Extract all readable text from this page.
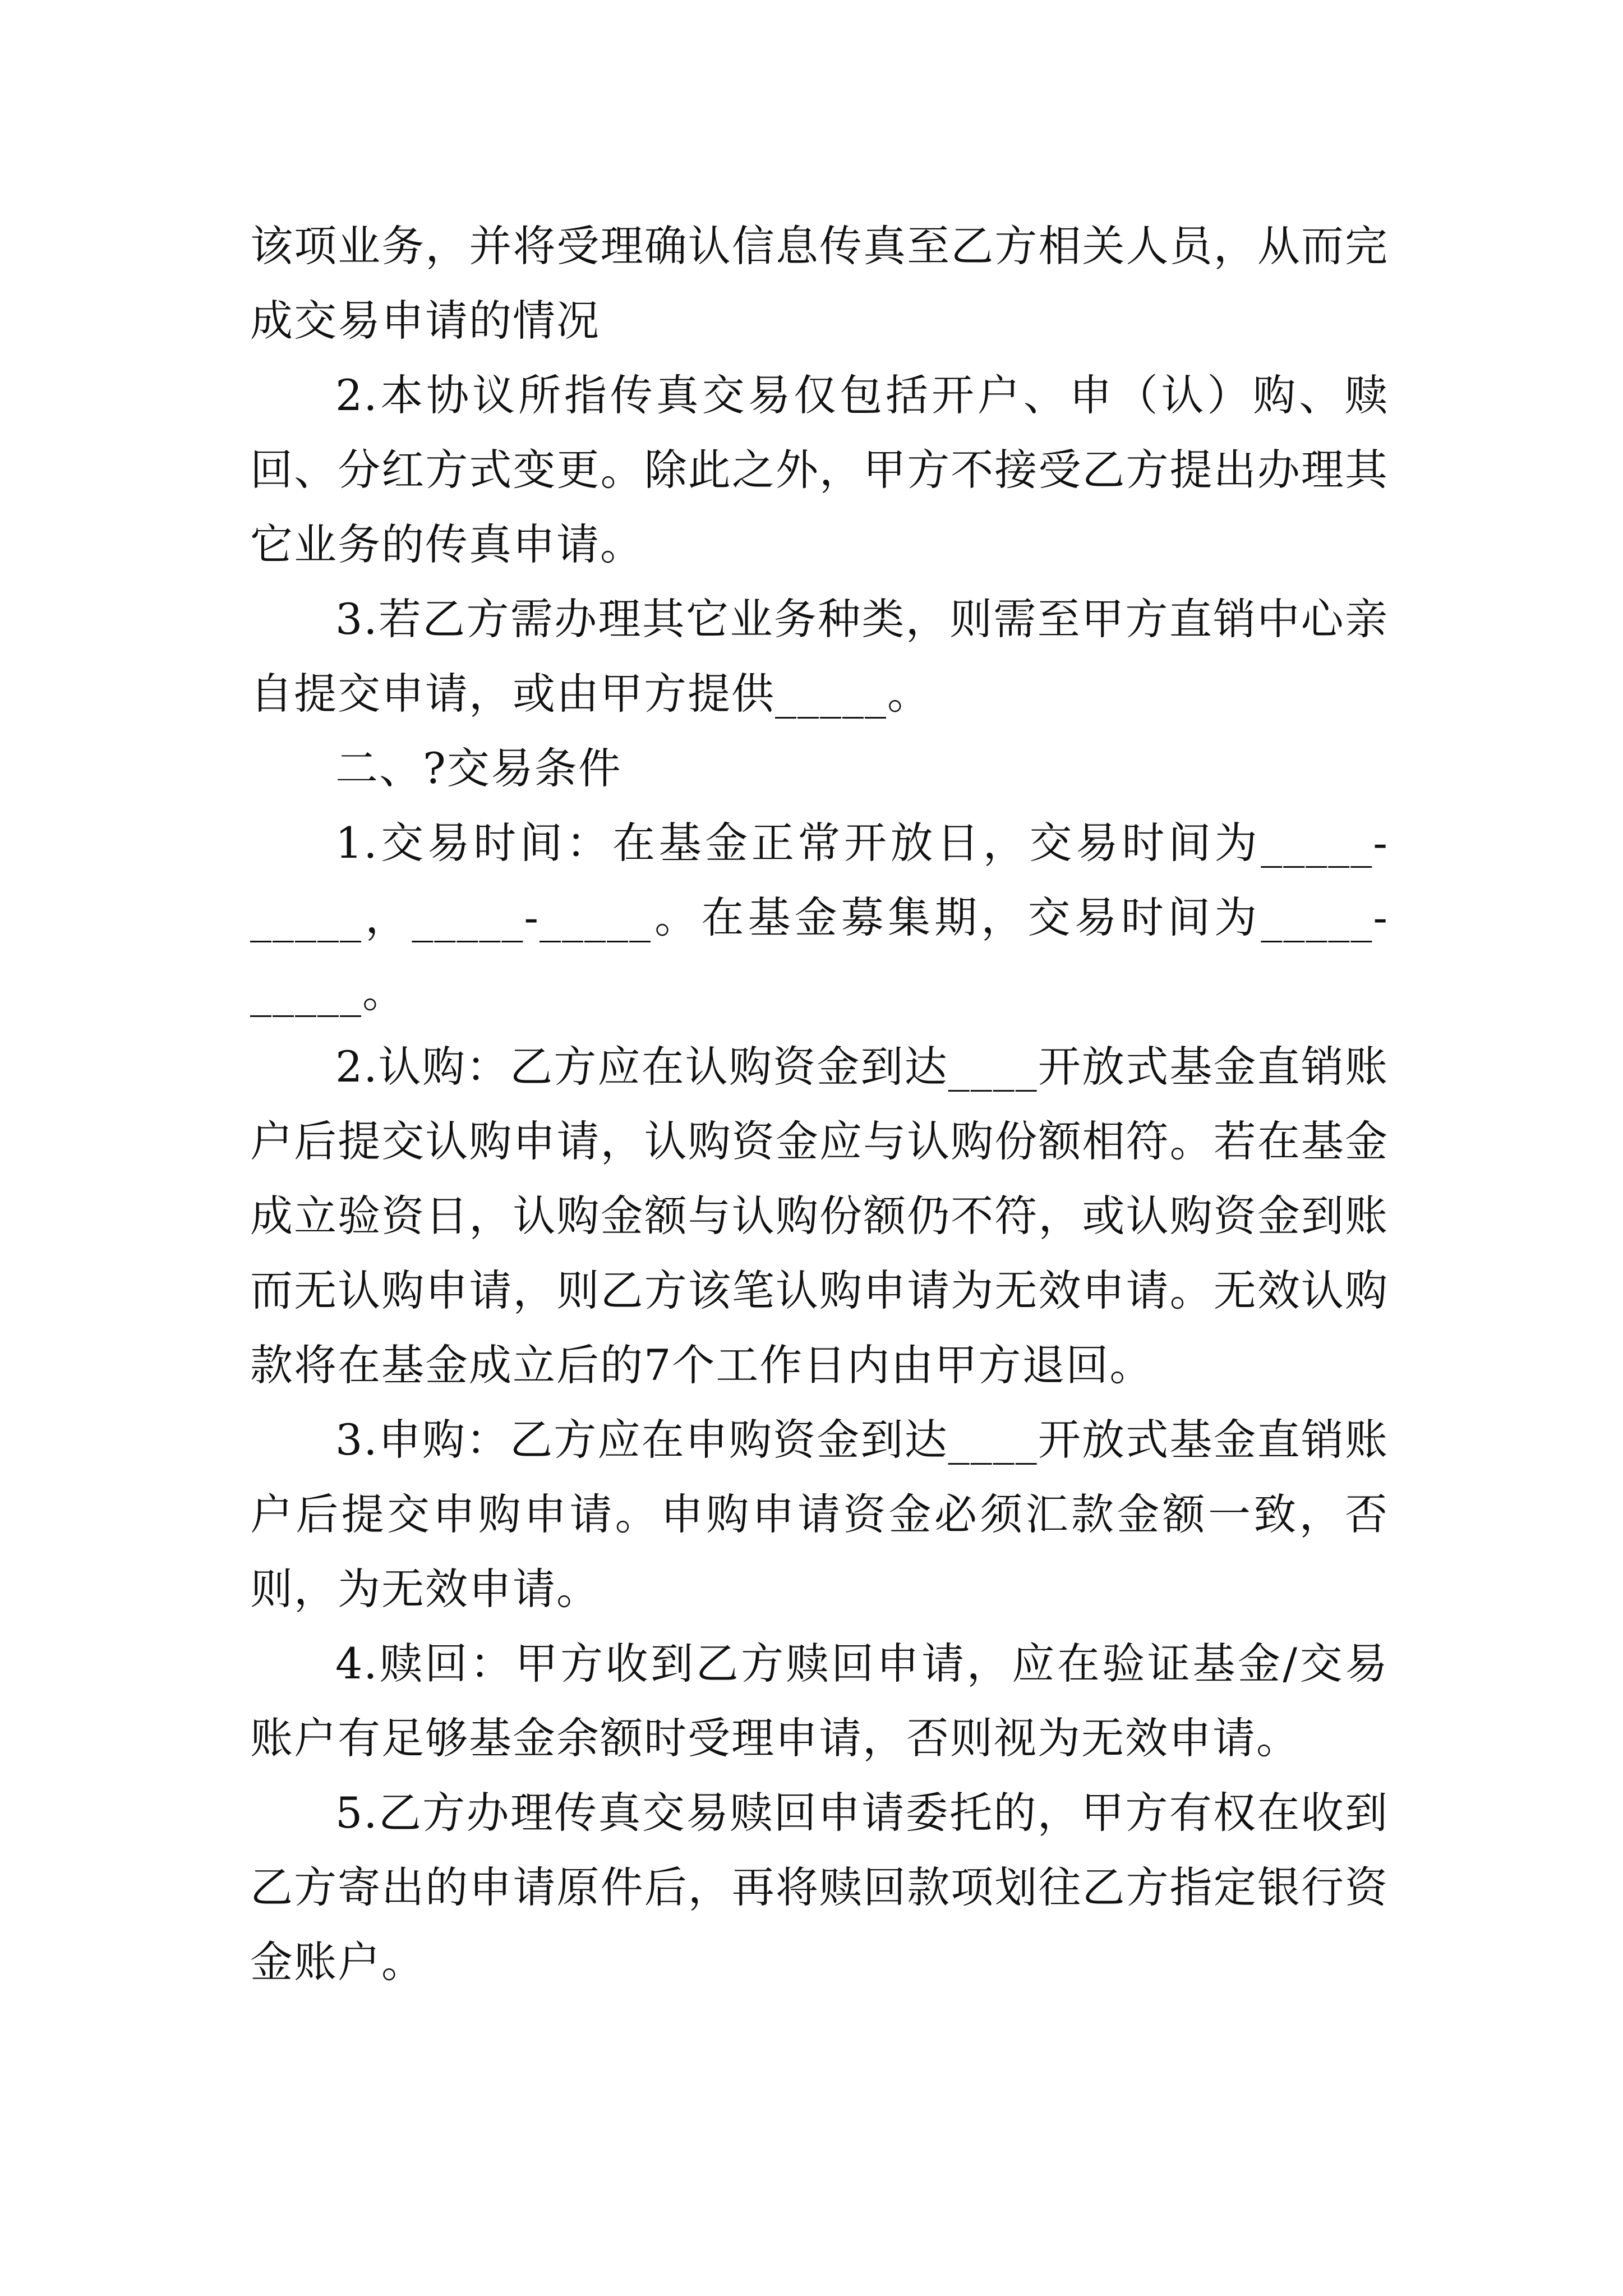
该项业务，并将受理确认信息传真至乙方相关人员，从而完成交易申请的情况

2.本协议所指传真交易仅包括开户、申（认）购、赎回、分红方式变更。除此之外，甲方不接受乙方提出办理其它业务的传真申请。

3.若乙方需办理其它业务种类，则需至甲方直销中心亲自提交申请，或由甲方提供_____。

二、?交易条件

1.交易时间：在基金正常开放日，交易时间为_____-_____，_____-_____。在基金募集期，交易时间为_____-_____。

2.认购：乙方应在认购资金到达____开放式基金直销账户后提交认购申请，认购资金应与认购份额相符。若在基金成立验资日，认购金额与认购份额仍不符，或认购资金到账而无认购申请，则乙方该笔认购申请为无效申请。无效认购款将在基金成立后的7个工作日内由甲方退回。

3.申购：乙方应在申购资金到达____开放式基金直销账户后提交申购申请。申购申请资金必须汇款金额一致，否则，为无效申请。

4.赎回：甲方收到乙方赎回申请，应在验证基金/交易账户有足够基金余额时受理申请，否则视为无效申请。

5.乙方办理传真交易赎回申请委托的，甲方有权在收到乙方寄出的申请原件后，再将赎回款项划往乙方指定银行资金账户。
